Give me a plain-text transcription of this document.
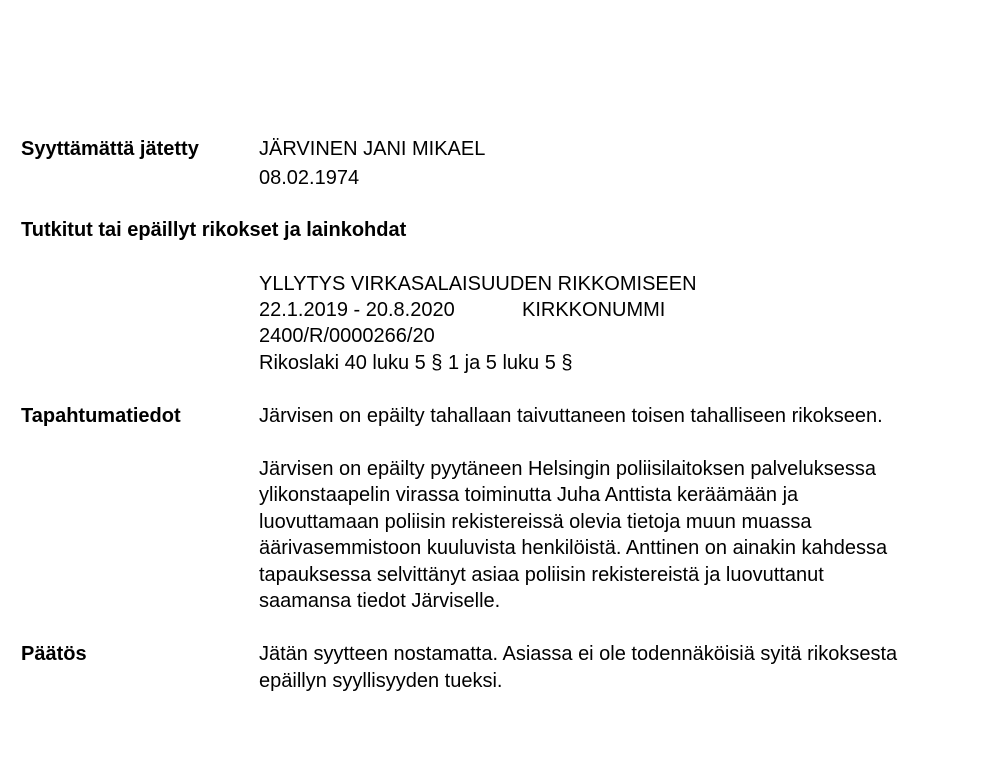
Syyttämättä jätetty	JÄRVINEN JANI MIKAEL
08.02.1974
Tutkitut tai epäillyt rikokset ja lainkohdat
YLLYTYS VIRKASALAISUUDEN RIKKOMISEEN
22.1.2019 - 20.8.2020	KIRKKONUMMI
2400/R/0000266/20
Rikoslaki 40 luku 5 § 1 ja 5 luku 5 §
Tapahtumatiedot	Järvisen on epäilty tahallaan taivuttaneen toisen tahalliseen rikokseen.
Järvisen on epäilty pyytäneen Helsingin poliisilaitoksen palveluksessa
ylikonstaapelin virassa toiminutta Juha Anttista keräämään ja
luovuttamaan poliisin rekistereissä olevia tietoja muun muassa
äärivasemmistoon kuuluvista henkilöistä. Anttinen on ainakin kahdessa
tapauksessa selvittänyt asiaa poliisin rekistereistä ja luovuttanut
saamansa tiedot Järviselle.
Päätös	Jätän syytteen nostamatta. Asiassa ei ole todennäköisiä syitä rikoksesta
epäillyn syyllisyyden tueksi.
